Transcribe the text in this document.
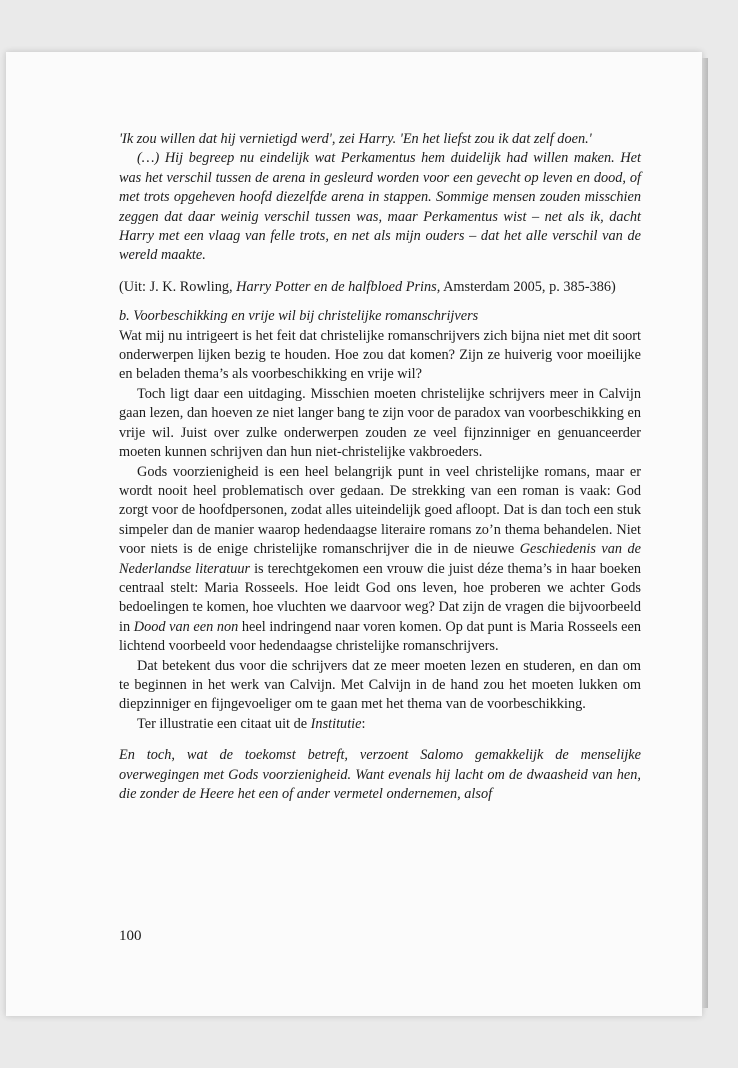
'Ik zou willen dat hij vernietigd werd', zei Harry. 'En het liefst zou ik dat zelf doen.'

(…) Hij begreep nu eindelijk wat Perkamentus hem duidelijk had willen maken. Het was het verschil tussen de arena in gesleurd worden voor een gevecht op leven en dood, of met trots opgeheven hoofd diezelfde arena in stappen. Sommige mensen zouden misschien zeggen dat daar weinig verschil tussen was, maar Perkamentus wist – net als ik, dacht Harry met een vlaag van felle trots, en net als mijn ouders – dat het alle verschil van de wereld maakte.

(Uit: J. K. Rowling, Harry Potter en de halfbloed Prins, Amsterdam 2005, p. 385-386)

b. Voorbeschikking en vrije wil bij christelijke romanschrijvers

Wat mij nu intrigeert is het feit dat christelijke romanschrijvers zich bijna niet met dit soort onderwerpen lijken bezig te houden. Hoe zou dat komen? Zijn ze huiverig voor moeilijke en beladen thema’s als voorbeschikking en vrije wil?

Toch ligt daar een uitdaging. Misschien moeten christelijke schrijvers meer in Calvijn gaan lezen, dan hoeven ze niet langer bang te zijn voor de paradox van voorbeschikking en vrije wil. Juist over zulke onderwerpen zouden ze veel fijnzinniger en genuanceerder moeten kunnen schrijven dan hun niet-christelijke vakbroeders.

Gods voorzienigheid is een heel belangrijk punt in veel christelijke romans, maar er wordt nooit heel problematisch over gedaan. De strekking van een roman is vaak: God zorgt voor de hoofdpersonen, zodat alles uiteindelijk goed afloopt. Dat is dan toch een stuk simpeler dan de manier waarop hedendaagse literaire romans zo’n thema behandelen. Niet voor niets is de enige christelijke romanschrijver die in de nieuwe Geschiedenis van de Nederlandse literatuur is terechtgekomen een vrouw die juist déze thema’s in haar boeken centraal stelt: Maria Rosseels. Hoe leidt God ons leven, hoe proberen we achter Gods bedoelingen te komen, hoe vluchten we daarvoor weg? Dat zijn de vragen die bijvoorbeeld in Dood van een non heel indringend naar voren komen. Op dat punt is Maria Rosseels een lichtend voorbeeld voor hedendaagse christelijke romanschrijvers.

Dat betekent dus voor die schrijvers dat ze meer moeten lezen en studeren, en dan om te beginnen in het werk van Calvijn. Met Calvijn in de hand zou het moeten lukken om diepzinniger en fijngevoeliger om te gaan met het thema van de voorbeschikking.

Ter illustratie een citaat uit de Institutie:

En toch, wat de toekomst betreft, verzoent Salomo gemakkelijk de menselijke overwegingen met Gods voorzienigheid. Want evenals hij lacht om de dwaasheid van hen, die zonder de Heere het een of ander vermetel ondernemen, alsof

100
